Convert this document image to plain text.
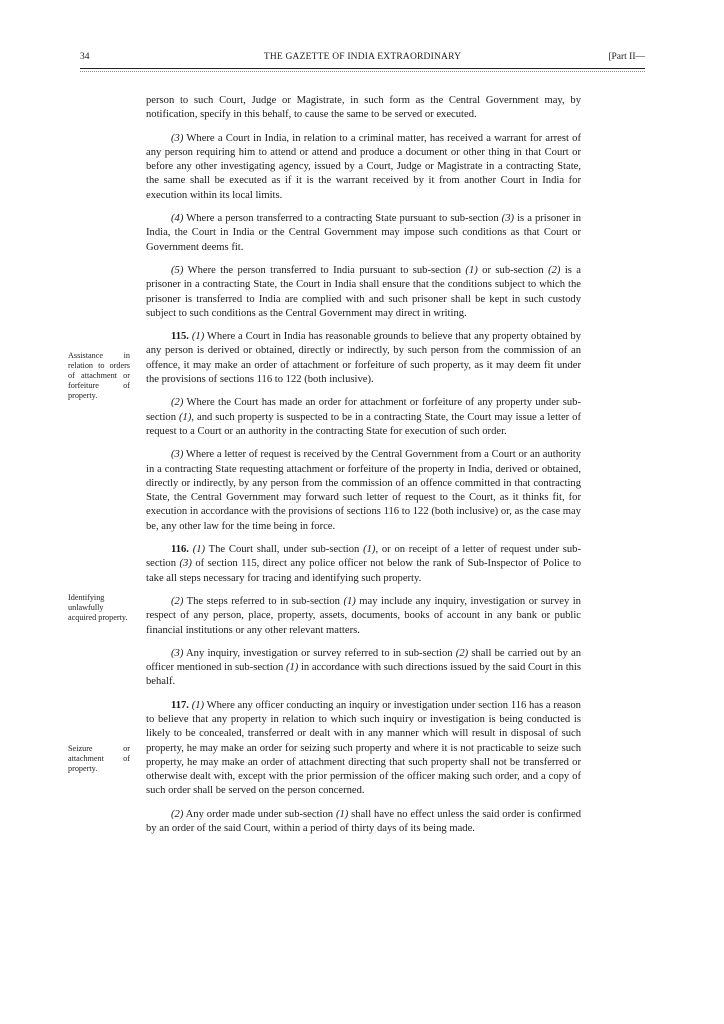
34	THE GAZETTE OF INDIA EXTRAORDINARY	[Part II—
Assistance in relation to orders of attachment or forfeiture of property.
Identifying unlawfully acquired property.
Seizure or attachment of property.

person to such Court, Judge or Magistrate, in such form as the Central Government may, by notification, specify in this behalf, to cause the same to be served or executed.

(3) Where a Court in India, in relation to a criminal matter, has received a warrant for arrest of any person requiring him to attend or attend and produce a document or other thing in that Court or before any other investigating agency, issued by a Court, Judge or Magistrate in a contracting State, the same shall be executed as if it is the warrant received by it from another Court in India for execution within its local limits.

(4) Where a person transferred to a contracting State pursuant to sub-section (3) is a prisoner in India, the Court in India or the Central Government may impose such conditions as that Court or Government deems fit.

(5) Where the person transferred to India pursuant to sub-section (1) or sub-section (2) is a prisoner in a contracting State, the Court in India shall ensure that the conditions subject to which the prisoner is transferred to India are complied with and such prisoner shall be kept in such custody subject to such conditions as the Central Government may direct in writing.

115. (1) Where a Court in India has reasonable grounds to believe that any property obtained by any person is derived or obtained, directly or indirectly, by such person from the commission of an offence, it may make an order of attachment or forfeiture of such property, as it may deem fit under the provisions of sections 116 to 122 (both inclusive).

(2) Where the Court has made an order for attachment or forfeiture of any property under sub-section (1), and such property is suspected to be in a contracting State, the Court may issue a letter of request to a Court or an authority in the contracting State for execution of such order.

(3) Where a letter of request is received by the Central Government from a Court or an authority in a contracting State requesting attachment or forfeiture of the property in India, derived or obtained, directly or indirectly, by any person from the commission of an offence committed in that contracting State, the Central Government may forward such letter of request to the Court, as it thinks fit, for execution in accordance with the provisions of sections 116 to 122 (both inclusive) or, as the case may be, any other law for the time being in force.

116. (1) The Court shall, under sub-section (1), or on receipt of a letter of request under sub-section (3) of section 115, direct any police officer not below the rank of Sub-Inspector of Police to take all steps necessary for tracing and identifying such property.

(2) The steps referred to in sub-section (1) may include any inquiry, investigation or survey in respect of any person, place, property, assets, documents, books of account in any bank or public financial institutions or any other relevant matters.

(3) Any inquiry, investigation or survey referred to in sub-section (2) shall be carried out by an officer mentioned in sub-section (1) in accordance with such directions issued by the said Court in this behalf.

117. (1) Where any officer conducting an inquiry or investigation under section 116 has a reason to believe that any property in relation to which such inquiry or investigation is being conducted is likely to be concealed, transferred or dealt with in any manner which will result in disposal of such property, he may make an order for seizing such property and where it is not practicable to seize such property, he may make an order of attachment directing that such property shall not be transferred or otherwise dealt with, except with the prior permission of the officer making such order, and a copy of such order shall be served on the person concerned.

(2) Any order made under sub-section (1) shall have no effect unless the said order is confirmed by an order of the said Court, within a period of thirty days of its being made.
